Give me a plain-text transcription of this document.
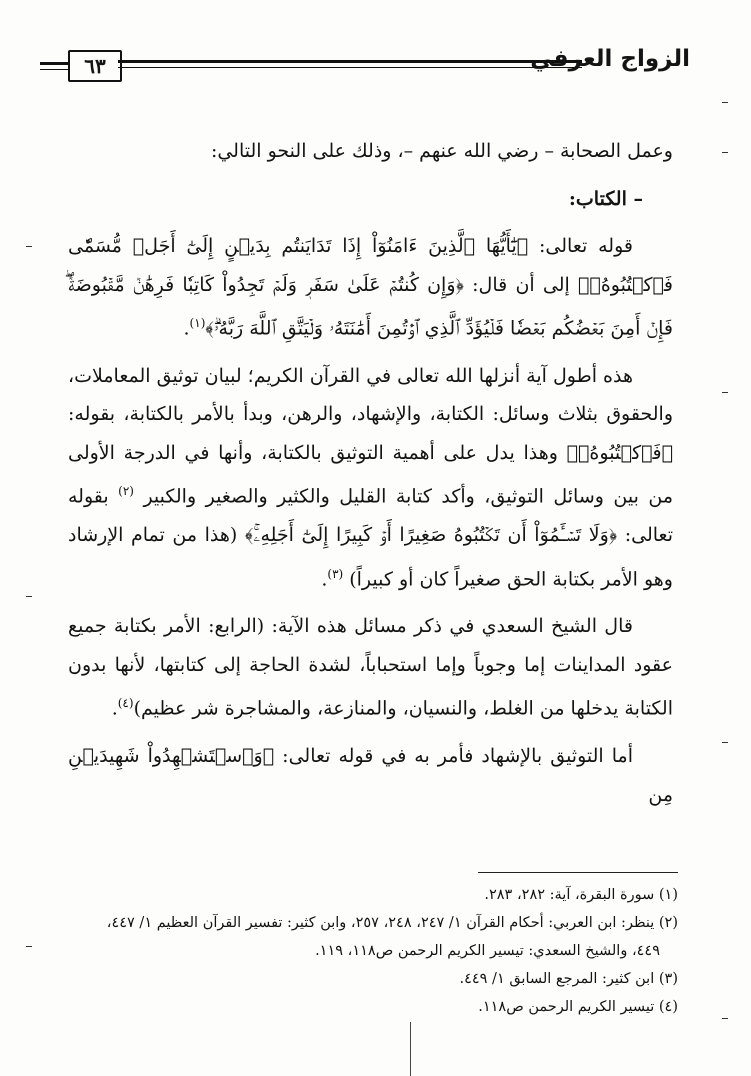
الزواج العرفي
٦٣

وعمل الصحابة – رضي الله عنهم –، وذلك على النحو التالي:

– الكتاب:

قوله تعالى: ﴿يَٰٓأَيُّهَا ٱلَّذِينَ ءَامَنُوٓاْ إِذَا تَدَايَنتُم بِدَيۡنٍ إِلَىٰٓ أَجَلٖ مُّسَمّٗى فَٱكۡتُبُوهُۚ﴾ إلى أن قال: ﴿وَإِن كُنتُمۡ عَلَىٰ سَفَرٖ وَلَمۡ تَجِدُواْ كَاتِبٗا فَرِهَٰنٞ مَّقۡبُوضَةٞۖ فَإِنۡ أَمِنَ بَعۡضُكُم بَعۡضٗا فَلۡيُؤَدِّ ٱلَّذِي ٱؤۡتُمِنَ أَمَٰنَتَهُۥ وَلۡيَتَّقِ ٱللَّهَ رَبَّهُۥۗ﴾$^{(١)}$.

هذه أطول آية أنزلها الله تعالى في القرآن الكريم؛ لبيان توثيق المعاملات، والحقوق بثلاث وسائل: الكتابة، والإشهاد، والرهن، وبدأ بالأمر بالكتابة، بقوله: ﴿فَٱكۡتُبُوهُۚ﴾ وهذا يدل على أهمية التوثيق بالكتابة، وأنها في الدرجة الأولى من بين وسائل التوثيق، وأكد كتابة القليل والكثير والصغير والكبير $^{(٢)}$ بقوله تعالى: ﴿وَلَا تَسۡـَٔمُوٓاْ أَن تَكۡتُبُوهُ صَغِيرًا أَوۡ كَبِيرًا إِلَىٰٓ أَجَلِهِۦۚ﴾ (هذا من تمام الإرشاد وهو الأمر بكتابة الحق صغيراً كان أو كبيراً) $^{(٣)}$.

قال الشيخ السعدي في ذكر مسائل هذه الآية: (الرابع: الأمر بكتابة جميع عقود المداينات إما وجوباً وإما استحباباً، لشدة الحاجة إلى كتابتها، لأنها بدون الكتابة يدخلها من الغلط، والنسيان، والمنازعة، والمشاجرة شر عظيم)$^{(٤)}$.

أما التوثيق بالإشهاد فأمر به في قوله تعالى: ﴿وَٱسۡتَشۡهِدُواْ شَهِيدَيۡنِ مِن

(١) سورة البقرة، آية: ٢٨٢، ٢٨٣.

(٢) ينظر: ابن العربي: أحكام القرآن ١/ ٢٤٧، ٢٤٨، ٢٥٧، وابن كثير: تفسير القرآن العظيم ١/ ٤٤٧،

٤٤٩، والشيخ السعدي: تيسير الكريم الرحمن ص١١٨، ١١٩.

(٣) ابن كثير: المرجع السابق ١/ ٤٤٩.

(٤) تيسير الكريم الرحمن ص١١٨.
